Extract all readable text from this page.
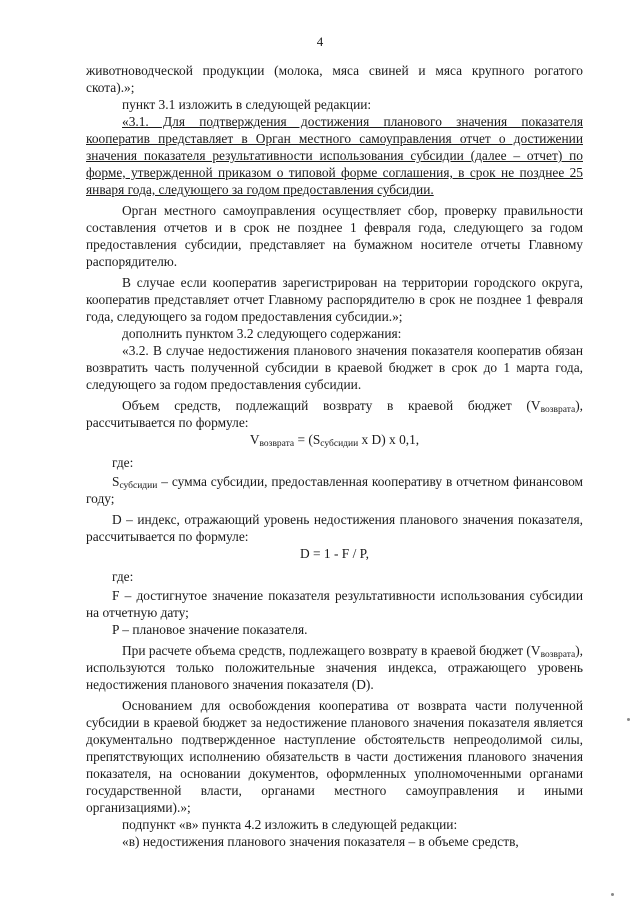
4

животноводческой продукции (молока, мяса свиней и мяса крупного рогатого скота).»;

пункт 3.1 изложить в следующей редакции:

«3.1. Для подтверждения достижения планового значения показателя кооператив представляет в Орган местного самоуправления отчет о достижении значения показателя результативности использования субсидии (далее – отчет) по форме, утвержденной приказом о типовой форме соглашения, в срок не позднее 25 января года, следующего за годом предоставления субсидии.

Орган местного самоуправления осуществляет сбор, проверку правильности составления отчетов и в срок не позднее 1 февраля года, следующего за годом предоставления субсидии, представляет на бумажном носителе отчеты Главному распорядителю.

В случае если кооператив зарегистрирован на территории городского округа, кооператив представляет отчет Главному распорядителю в срок не позднее 1 февраля года, следующего за годом предоставления субсидии.»;

дополнить пунктом 3.2 следующего содержания:

«3.2. В случае недостижения планового значения показателя кооператив обязан возвратить часть полученной субсидии в краевой бюджет в срок до 1 марта года, следующего за годом предоставления субсидии.

Объем средств, подлежащий возврату в краевой бюджет $(V_{возврата})$, рассчитывается по формуле:

$V_{возврата} = (S_{субсидии}$ x D) x 0,1,

где:

$S_{субсидии}$ – сумма субсидии, предоставленная кооперативу в отчетном финансовом году;

D – индекс, отражающий уровень недостижения планового значения показателя, рассчитывается по формуле:

D = 1 - F / P,

где:

F – достигнутое значение показателя результативности использования субсидии на отчетную дату;

P – плановое значение показателя.

При расчете объема средств, подлежащего возврату в краевой бюджет $(V_{возврата})$, используются только положительные значения индекса, отражающего уровень недостижения планового значения показателя (D).

Основанием для освобождения кооператива от возврата части полученной субсидии в краевой бюджет за недостижение планового значения показателя является документально подтвержденное наступление обстоятельств непреодолимой силы, препятствующих исполнению обязательств в части достижения планового значения показателя, на основании документов, оформленных уполномоченными органами государственной власти, органами местного самоуправления и иными организациями).»;

подпункт «в» пункта 4.2 изложить в следующей редакции:

«в) недостижения планового значения показателя – в объеме средств,
